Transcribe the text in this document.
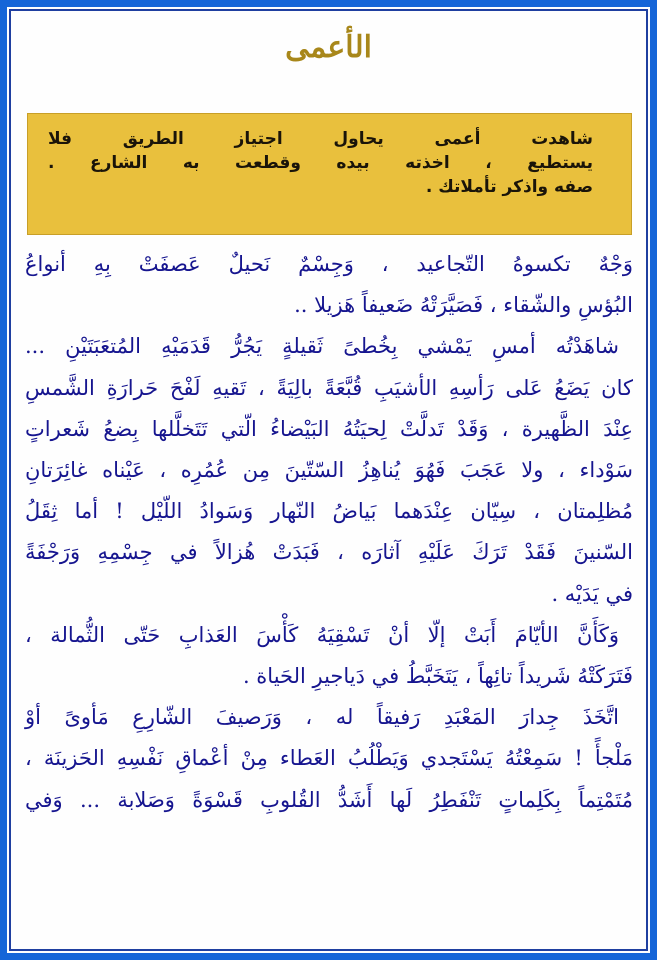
الأعمى
شاهدت أعمى يحاول اجتياز الطريق فلا
يستطيع ، اخذته بيده وقطعت به الشارع .
صفه واذكر تأملاتك .
وَجْهٌ تكسوهُ التّجاعيد ، وَجِسْمٌ نَحيلٌ عَصفَتْ بِهِ أنواعُ
البُؤسِ والشّقاء ، فَصَيَّرَتْهُ ضَعيفاً هَزيلا ..
شاهَدْتُه أمسِ يَمْشي بِخُطىً ثَقيلةٍ يَجُرُّ قَدَمَيْهِ المُتعَبَتَيْنِ ...
كان يَضَعُ عَلى رَأسِهِ الأشيَبِ قُبَّعَةً بالِيَةً ، تَقيهِ لَفْحَ حَرارَةِ الشَّمسِ
عِنْدَ الظَّهيرة ، وَقَدْ تَدلَّتْ لِحيَتُهُ البَيْضاءُ الّتي تَتَخلَّلها بِضعُ شَعراتٍ
سَوْداء ، ولا عَجَبَ فَهُوَ يُناهِزُ السّتّينَ مِن عُمُرِه ، عَيْناه غائِرَتانِ
مُظلِمتان ، سِيّان عِنْدَهما بَياضُ النّهار وَسَوادُ اللّيْل ! أما ثِقَلُ
السّنينَ فَقَدْ تَرَكَ عَلَيْهِ آثارَه ، فَبَدَتْ هُزالاً في جِسْمِهِ وَرَجْفَةً
في يَدَيْه .
وَكَأَنَّ الأيّامَ أَبَتْ إلّا أنْ تَسْقِيَهُ كَأْسَ العَذابِ حَتّى الثُّمالة ،
فَتَرَكَتْهُ شَريداً تائِهاً ، يَتَخَبَّطُ في دَياجيرِ الحَياة .
اتَّخَذَ جِدارَ المَعْبَدِ رَفيقاً له ، وَرَصيفَ الشّارِعِ مَأوىً أوْ
مَلْجأً ! سَمِعْتُهُ يَسْتَجدي وَيَطْلُبُ العَطاء مِنْ أعْماقِ نَفْسِهِ الحَزينَة ،
مُتَمْتِماً بِكَلِماتٍ تَنْفَطِرُ لَها أَشَدُّ القُلوبِ قَسْوَةً وَصَلابة ... وَفي
